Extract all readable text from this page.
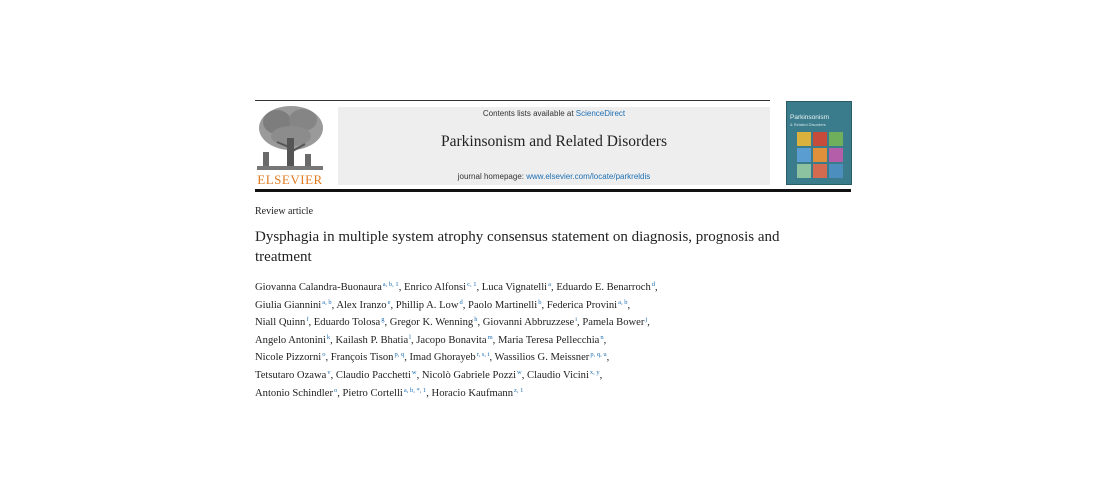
ELSEVIER
Contents lists available at ScienceDirect
Parkinsonism and Related Disorders
journal homepage: www.elsevier.com/locate/parkreldis
Parkinsonism
& Related Disorders
Review article
Dysphagia in multiple system atrophy consensus statement on diagnosis, prognosis and treatment
Giovanna Calandra-Buonaura$^{a, b, 1}$, Enrico Alfonsi$^{c, 1}$, Luca Vignatelli$^a$, Eduardo E. Benarroch$^d$,
Giulia Giannini$^{a, b}$, Alex Iranzo$^e$, Phillip A. Low$^d$, Paolo Martinelli$^b$, Federica Provini$^{a, b}$,
Niall Quinn$^f$, Eduardo Tolosa$^g$, Gregor K. Wenning$^h$, Giovanni Abbruzzese$^i$, Pamela Bower$^j$,
Angelo Antonini$^k$, Kailash P. Bhatia$^l$, Jacopo Bonavita$^m$, Maria Teresa Pellecchia$^n$,
Nicole Pizzorni$^o$, François Tison$^{p, q}$, Imad Ghorayeb$^{r, s, t}$, Wassilios G. Meissner$^{p, q, u}$,
Tetsutaro Ozawa$^v$, Claudio Pacchetti$^w$, Nicolò Gabriele Pozzi$^w$, Claudio Vicini$^{x, y}$,
Antonio Schindler$^o$, Pietro Cortelli$^{a, b, *, 1}$, Horacio Kaufmann$^{z, 1}$
